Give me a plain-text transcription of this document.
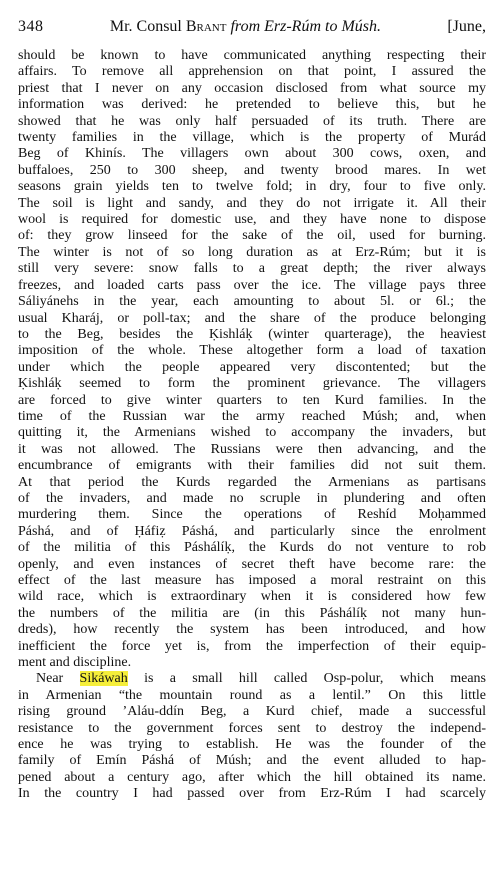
348	Mr. Consul Brant from Erz-Rúm to Músh.	[June,
should be known to have communicated anything respecting their
affairs. To remove all apprehension on that point, I assured the
priest that I never on any occasion disclosed from what source my
information was derived: he pretended to believe this, but he
showed that he was only half persuaded of its truth. There are
twenty families in the village, which is the property of Murád
Beg of Khinís. The villagers own about 300 cows, oxen, and
buffaloes, 250 to 300 sheep, and twenty brood mares. In wet
seasons grain yields ten to twelve fold; in dry, four to five only.
The soil is light and sandy, and they do not irrigate it. All their
wool is required for domestic use, and they have none to dispose
of: they grow linseed for the sake of the oil, used for burning.
The winter is not of so long duration as at Erz-Rúm; but it is
still very severe: snow falls to a great depth; the river always
freezes, and loaded carts pass over the ice. The village pays three
Sáliyánehs in the year, each amounting to about 5l. or 6l.; the
usual Kharáj, or poll-tax; and the share of the produce belonging
to the Beg, besides the Ḳishláḳ (winter quarterage), the heaviest
imposition of the whole. These altogether form a load of taxation
under which the people appeared very discontented; but the
Ḳishláḳ seemed to form the prominent grievance. The villagers
are forced to give winter quarters to ten Kurd families. In the
time of the Russian war the army reached Músh; and, when
quitting it, the Armenians wished to accompany the invaders, but
it was not allowed. The Russians were then advancing, and the
encumbrance of emigrants with their families did not suit them.
At that period the Kurds regarded the Armenians as partisans
of the invaders, and made no scruple in plundering and often
murdering them. Since the operations of Reshíd Moḥammed
Páshá, and of Ḥáfiẓ Páshá, and particularly since the enrolment
of the militia of this Páshálíḳ, the Kurds do not venture to rob
openly, and even instances of secret theft have become rare: the
effect of the last measure has imposed a moral restraint on this
wild race, which is extraordinary when it is considered how few
the numbers of the militia are (in this Páshálíḳ not many hun-
dreds), how recently the system has been introduced, and how
inefficient the force yet is, from the imperfection of their equip-
ment and discipline.
Near Sikáwah is a small hill called Osp-polur, which means
in Armenian “the mountain round as a lentil.” On this little
rising ground ’Aláu-ddín Beg, a Kurd chief, made a successful
resistance to the government forces sent to destroy the independ-
ence he was trying to establish. He was the founder of the
family of Emín Páshá of Músh; and the event alluded to hap-
pened about a century ago, after which the hill obtained its name.
In the country I had passed over from Erz-Rúm I had scarcely
